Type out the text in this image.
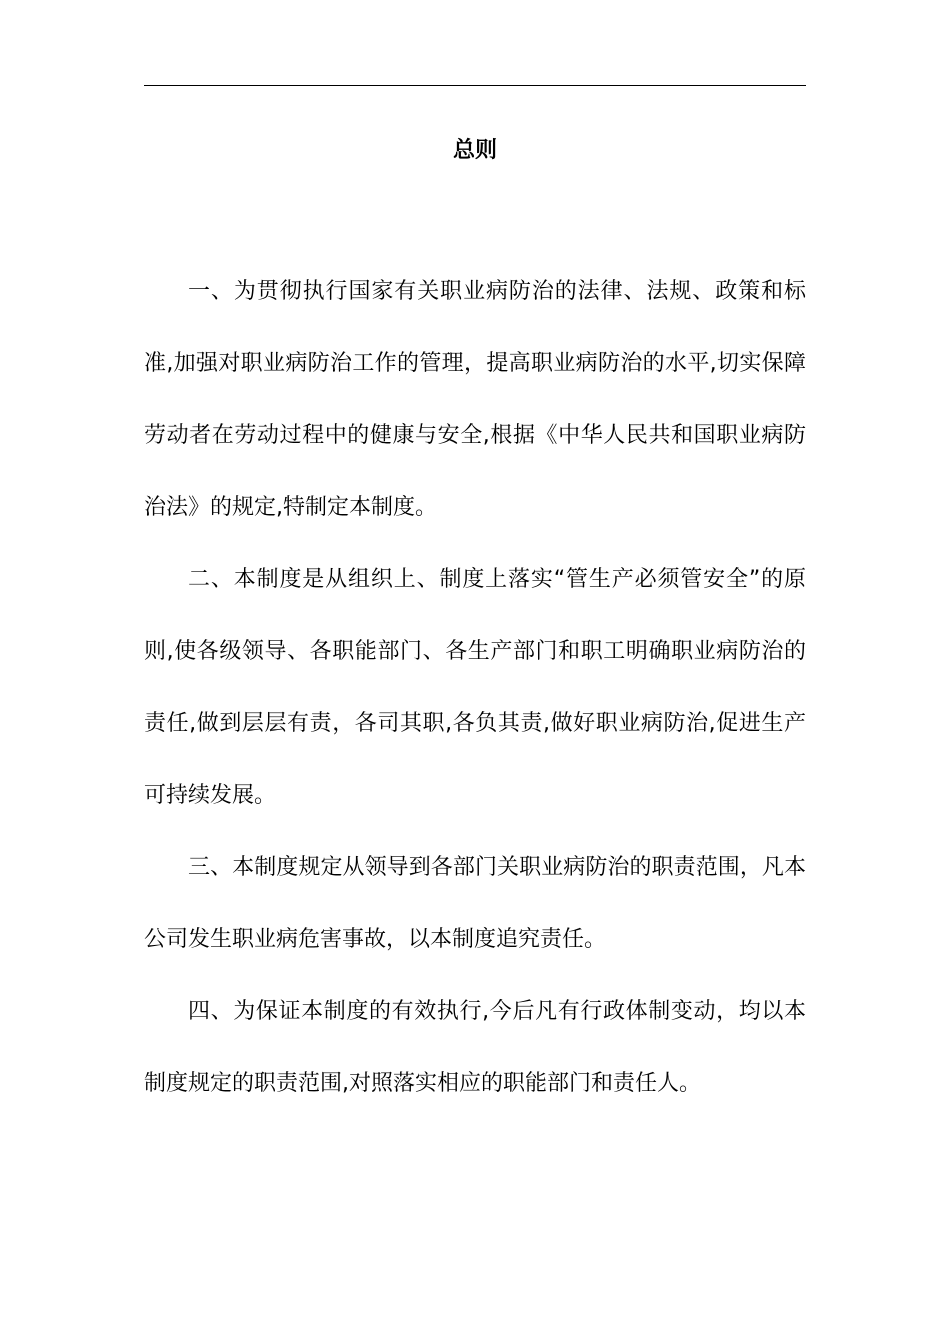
总则

一、为贯彻执行国家有关职业病防治的法律、法规、政策和标准,加强对职业病防治工作的管理，提高职业病防治的水平,切实保障劳动者在劳动过程中的健康与安全,根据《中华人民共和国职业病防治法》的规定,特制定本制度。

二、本制度是从组织上、制度上落实“管生产必须管安全”的原则,使各级领导、各职能部门、各生产部门和职工明确职业病防治的责任,做到层层有责，各司其职,各负其责,做好职业病防治,促进生产可持续发展。

三、本制度规定从领导到各部门关职业病防治的职责范围，凡本公司发生职业病危害事故，以本制度追究责任。

四、为保证本制度的有效执行,今后凡有行政体制变动，均以本制度规定的职责范围,对照落实相应的职能部门和责任人。
